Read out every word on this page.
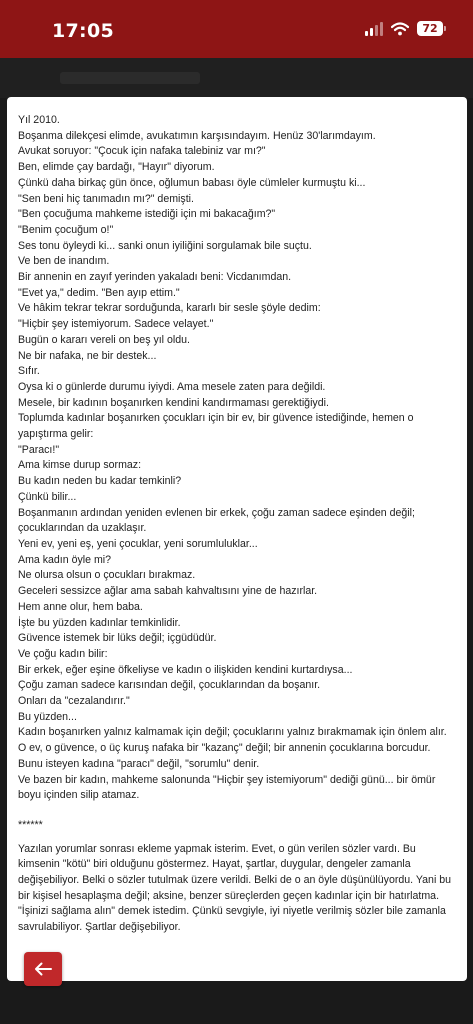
17:05	72

Yıl 2010.

Boşanma dilekçesi elimde, avukatımın karşısındayım. Henüz 30'larımdayım.

Avukat soruyor: "Çocuk için nafaka talebiniz var mı?"

Ben, elimde çay bardağı, "Hayır" diyorum.

Çünkü daha birkaç gün önce, oğlumun babası öyle cümleler kurmuştu ki...

"Sen beni hiç tanımadın mı?" demişti.

"Ben çocuğuma mahkeme istediği için mi bakacağım?"

"Benim çocuğum o!"

Ses tonu öyleydi ki... sanki onun iyiliğini sorgulamak bile suçtu.

Ve ben de inandım.

Bir annenin en zayıf yerinden yakaladı beni: Vicdanımdan.

"Evet ya," dedim. "Ben ayıp ettim."

Ve hâkim tekrar tekrar sorduğunda, kararlı bir sesle şöyle dedim:

"Hiçbir şey istemiyorum. Sadece velayet."

Bugün o kararı vereli on beş yıl oldu.

Ne bir nafaka, ne bir destek...

Sıfır.

Oysa ki o günlerde durumu iyiydi. Ama mesele zaten para değildi.

Mesele, bir kadının boşanırken kendini kandırmaması gerektiğiydi.

Toplumda kadınlar boşanırken çocukları için bir ev, bir güvence istediğinde, hemen o yapıştırma gelir:

"Paracı!"

Ama kimse durup sormaz:

Bu kadın neden bu kadar temkinli?

Çünkü bilir...

Boşanmanın ardından yeniden evlenen bir erkek, çoğu zaman sadece eşinden değil; çocuklarından da uzaklaşır.

Yeni ev, yeni eş, yeni çocuklar, yeni sorumluluklar...

Ama kadın öyle mi?

Ne olursa olsun o çocukları bırakmaz.

Geceleri sessizce ağlar ama sabah kahvaltısını yine de hazırlar.

Hem anne olur, hem baba.

İşte bu yüzden kadınlar temkinlidir.

Güvence istemek bir lüks değil; içgüdüdür.

Ve çoğu kadın bilir:

Bir erkek, eğer eşine öfkeliyse ve kadın o ilişkiden kendini kurtardıysa...

Çoğu zaman sadece karısından değil, çocuklarından da boşanır.

Onları da "cezalandırır."

Bu yüzden...

Kadın boşanırken yalnız kalmamak için değil; çocuklarını yalnız bırakmamak için önlem alır.

O ev, o güvence, o üç kuruş nafaka bir "kazanç" değil; bir annenin çocuklarına borcudur.

Bunu isteyen kadına "paracı" değil, "sorumlu" denir.

Ve bazen bir kadın, mahkeme salonunda "Hiçbir şey istemiyorum" dediği günü... bir ömür boyu içinden silip atamaz.

******

Yazılan yorumlar sonrası ekleme yapmak isterim. Evet, o gün verilen sözler vardı. Bu kimsenin "kötü" biri olduğunu göstermez. Hayat, şartlar, duygular, dengeler zamanla değişebiliyor. Belki o sözler tutulmak üzere verildi. Belki de o an öyle düşünülüyordu. Yani bu bir kişisel hesaplaşma değil; aksine, benzer süreçlerden geçen kadınlar için bir hatırlatma. "İşinizi sağlama alın" demek istedim. Çünkü sevgiyle, iyi niyetle verilmiş sözler bile zamanla savrulabiliyor. Şartlar değişebiliyor.
